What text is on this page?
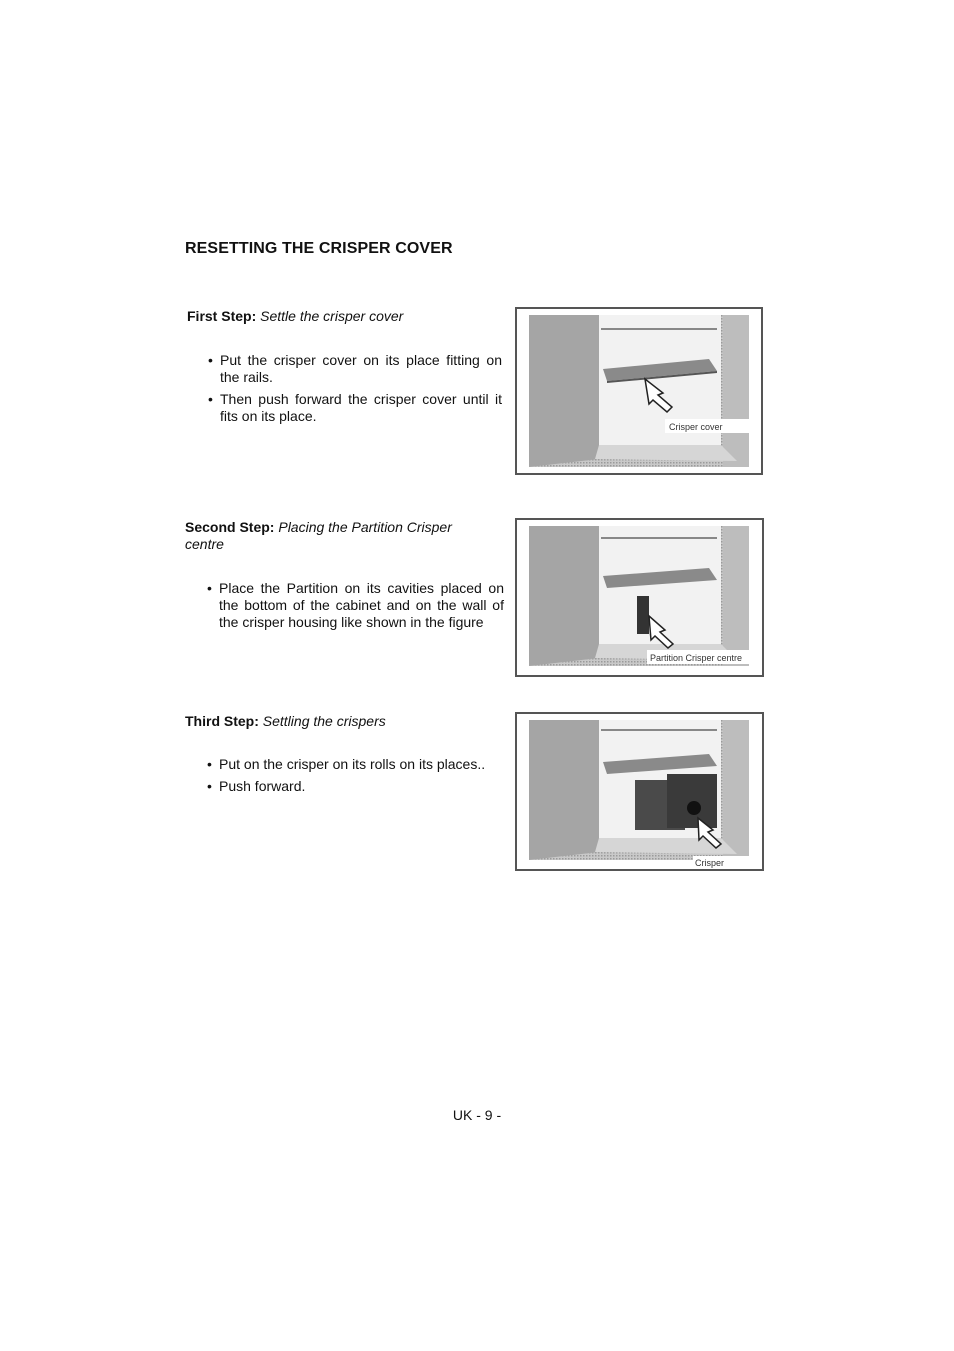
RESETTING THE CRISPER COVER
First Step: Settle the crisper cover
• Put the crisper cover on its place fitting on the rails.
• Then push forward the crisper cover until it fits on its place.
Crisper cover
Second Step: Placing the Partition Crisper centre
• Place the Partition on its cavities placed on the bottom of the cabinet and on the wall of the crisper housing like shown in the figure
Partition Crisper centre
Third Step: Settling the crispers
• Put on the crisper on its rolls on its places..
• Push forward.
Crisper
UK - 9 -
